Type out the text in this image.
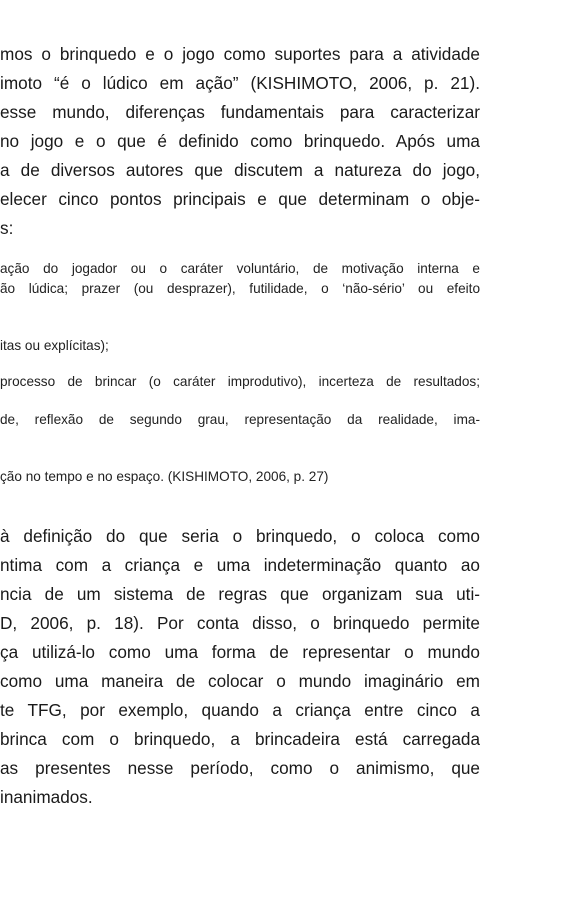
mos o brinquedo e o jogo como suportes para a atividade
imoto “é o lúdico em ação” (KISHIMOTO, 2006, p. 21).
esse mundo, diferenças fundamentais para caracterizar
no jogo e o que é definido como brinquedo. Após uma
a de diversos autores que discutem a natureza do jogo,
elecer cinco pontos principais e que determinam o obje-
s:
ação do jogador ou o caráter voluntário, de motivação interna e
ão lúdica; prazer (ou desprazer), futilidade, o ‘não-sério’ ou efeito
itas ou explícitas);
processo de brincar (o caráter improdutivo), incerteza de resultados;
de, reflexão de segundo grau, representação da realidade, ima-
ção no tempo e no espaço. (KISHIMOTO, 2006, p. 27)
à definição do que seria o brinquedo, o coloca como
ntima com a criança e uma indeterminação quanto ao
ncia de um sistema de regras que organizam sua uti-
D, 2006, p. 18). Por conta disso, o brinquedo permite
ça utilizá-lo como uma forma de representar o mundo
como uma maneira de colocar o mundo imaginário em
te TFG, por exemplo, quando a criança entre cinco a
brinca com o brinquedo, a brincadeira está carregada
as presentes nesse período, como o animismo, que
inanimados.
